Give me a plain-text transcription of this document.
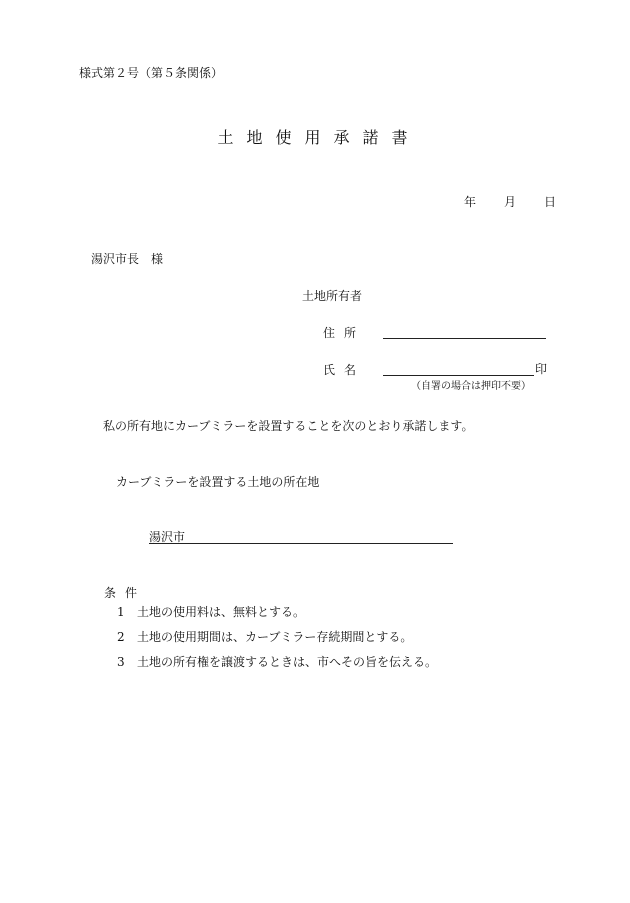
様式第２号（第５条関係）
土地使用承諾書
年 月 日
湯沢市長　様
土地所有者
住所
氏名	印
（自署の場合は押印不要）
私の所有地にカーブミラーを設置することを次のとおり承諾します。
カーブミラーを設置する土地の所在地
湯沢市
条件
1 土地の使用料は、無料とする。
2 土地の使用期間は、カーブミラー存続期間とする。
3 土地の所有権を譲渡するときは、市へその旨を伝える。
